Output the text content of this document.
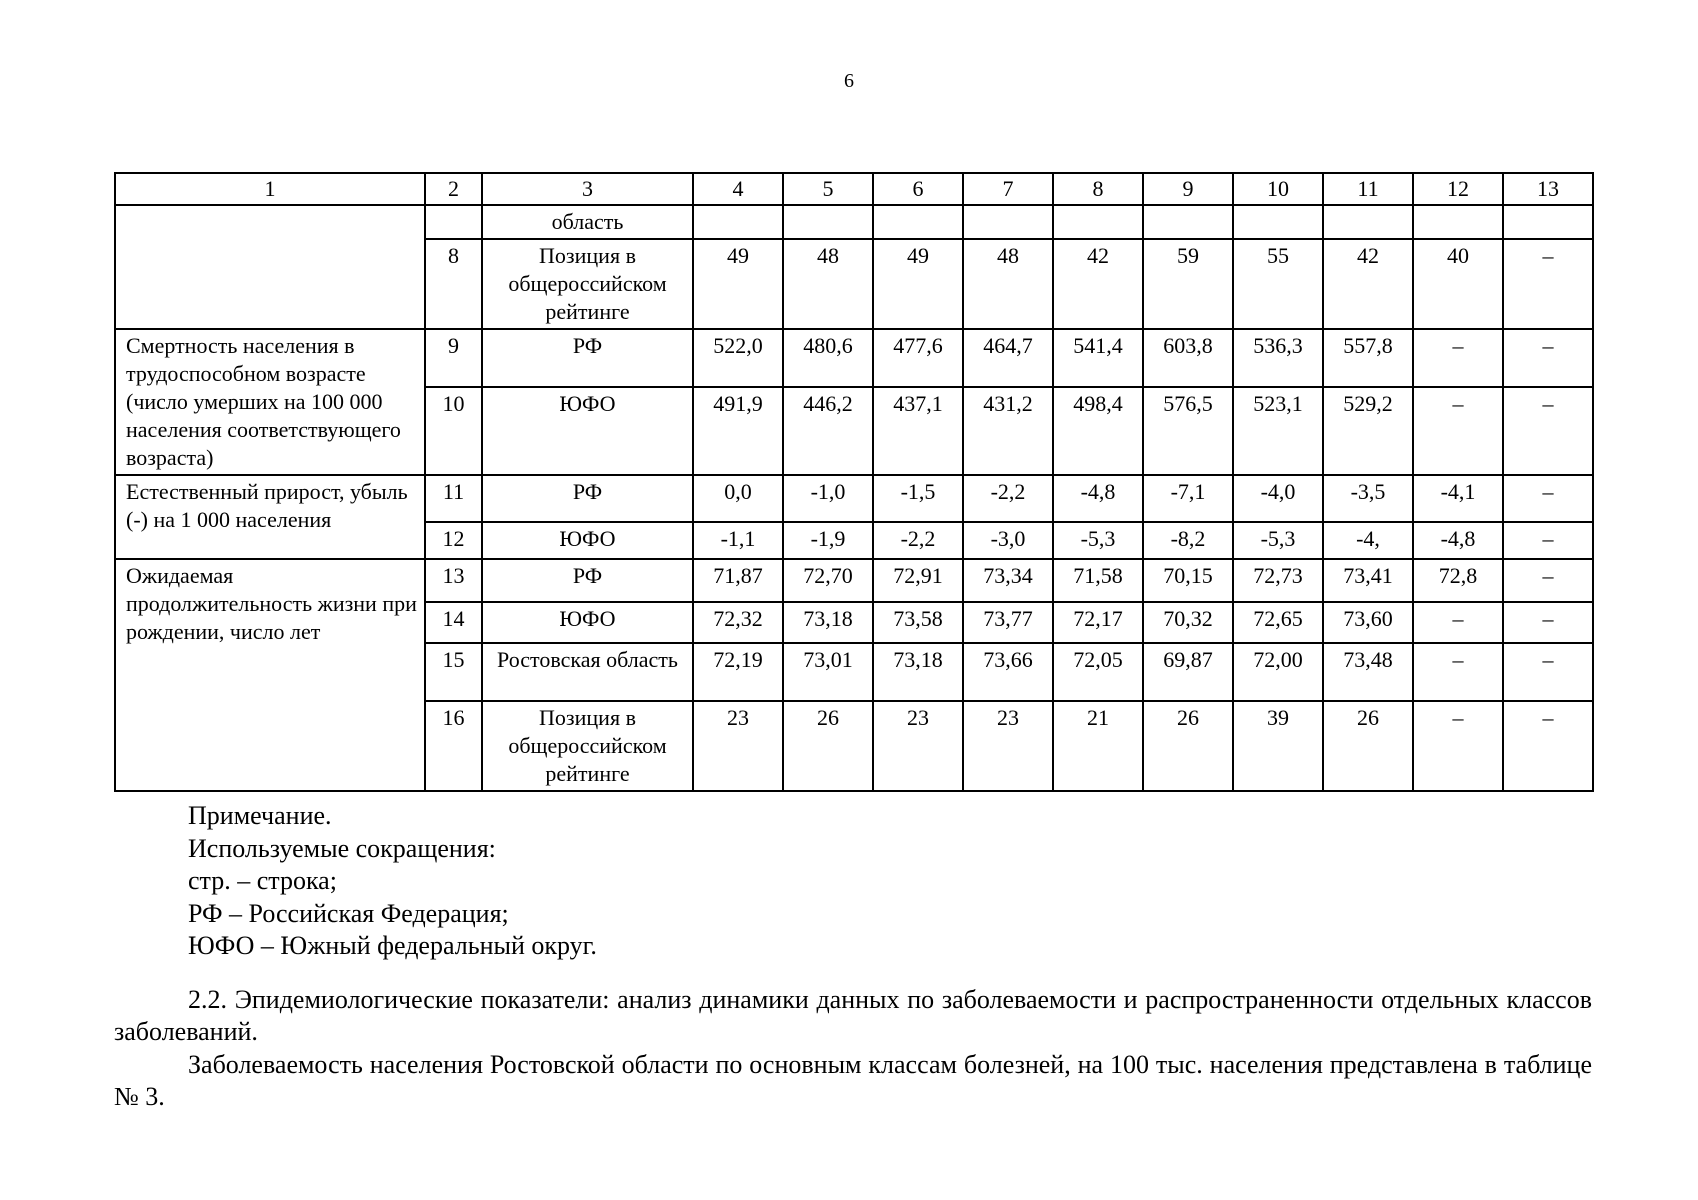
6
1	2	3	4	5	6	7	8	9	10	11	12	13
		область										
	8	Позиция в общероссийском рейтинге	49	48	49	48	42	59	55	42	40	–
Смертность населения в трудоспособном возрасте (число умерших на 100 000 населения соответствующего возраста)	9	РФ	522,0	480,6	477,6	464,7	541,4	603,8	536,3	557,8	–	–
	10	ЮФО	491,9	446,2	437,1	431,2	498,4	576,5	523,1	529,2	–	–
Естественный прирост, убыль (-) на 1 000 населения	11	РФ	0,0	-1,0	-1,5	-2,2	-4,8	-7,1	-4,0	-3,5	-4,1	–
	12	ЮФО	-1,1	-1,9	-2,2	-3,0	-5,3	-8,2	-5,3	-4,	-4,8	–
Ожидаемая продолжительность жизни при рождении, число лет	13	РФ	71,87	72,70	72,91	73,34	71,58	70,15	72,73	73,41	72,8	–
	14	ЮФО	72,32	73,18	73,58	73,77	72,17	70,32	72,65	73,60	–	–
	15	Ростовская область	72,19	73,01	73,18	73,66	72,05	69,87	72,00	73,48	–	–
	16	Позиция в общероссийском рейтинге	23	26	23	23	21	26	39	26	–	–
Примечание.
Используемые сокращения:
стр. – строка;
РФ – Российская Федерация;
ЮФО – Южный федеральный округ.
2.2. Эпидемиологические показатели: анализ динамики данных по заболеваемости и распространенности отдельных классов заболеваний.
Заболеваемость населения Ростовской области по основным классам болезней, на 100 тыс. населения представлена в таблице № 3.
